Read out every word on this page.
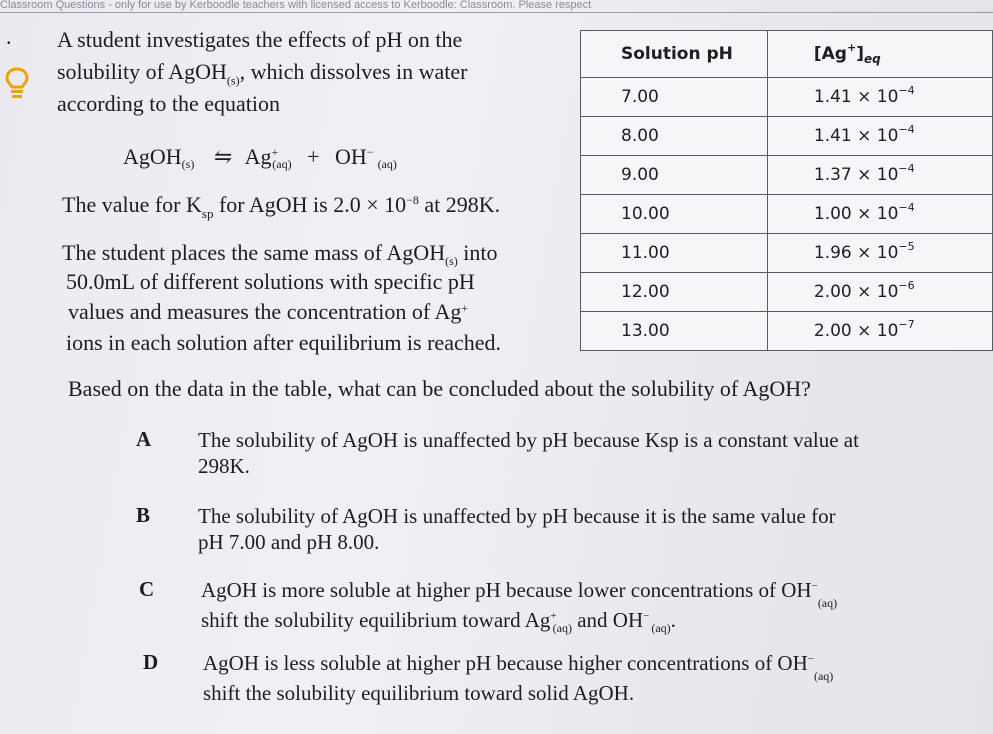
Classroom Questions - only for use by Kerboodle teachers with licensed access to Kerboodle: Classroom. Please respect
. A student investigates the effects of pH on the
solubility of AgOH$_{(s)}$, which dissolves in water
according to the equation
AgOH$_{(s)}$ ⇋ $Ag^+_{(aq)} + OH^-_{(aq)}$
The value for $K_{sp}$ for AgOH is $2.0 \times 10^{-8}$ at 298K.
The student places the same mass of AgOH$_{(s)}$ into
50.0mL of different solutions with specific pH
values and measures the concentration of Ag+
ions in each solution after equilibrium is reached.
Solution pH	$[Ag^+]_{eq}$
7.00	$1.41 \times 10^{-4}$
8.00	$1.41 \times 10^{-4}$
9.00	$1.37 \times 10^{-4}$
10.00	$1.00 \times 10^{-4}$
11.00	$1.96 \times 10^{-5}$
12.00	$2.00 \times 10^{-6}$
13.00	$2.00 \times 10^{-7}$
Based on the data in the table, what can be concluded about the solubility of AgOH?
A The solubility of AgOH is unaffected by pH because Ksp is a constant value at
298K.
B The solubility of AgOH is unaffected by pH because it is the same value for
pH 7.00 and pH 8.00.
C AgOH is more soluble at higher pH because lower concentrations of $OH^-_{(aq)}$
shift the solubility equilibrium toward $Ag^+_{(aq)}$ and $OH^-_{(aq)}$.
D AgOH is less soluble at higher pH because higher concentrations of $OH^-_{(aq)}$
shift the solubility equilibrium toward solid AgOH.
